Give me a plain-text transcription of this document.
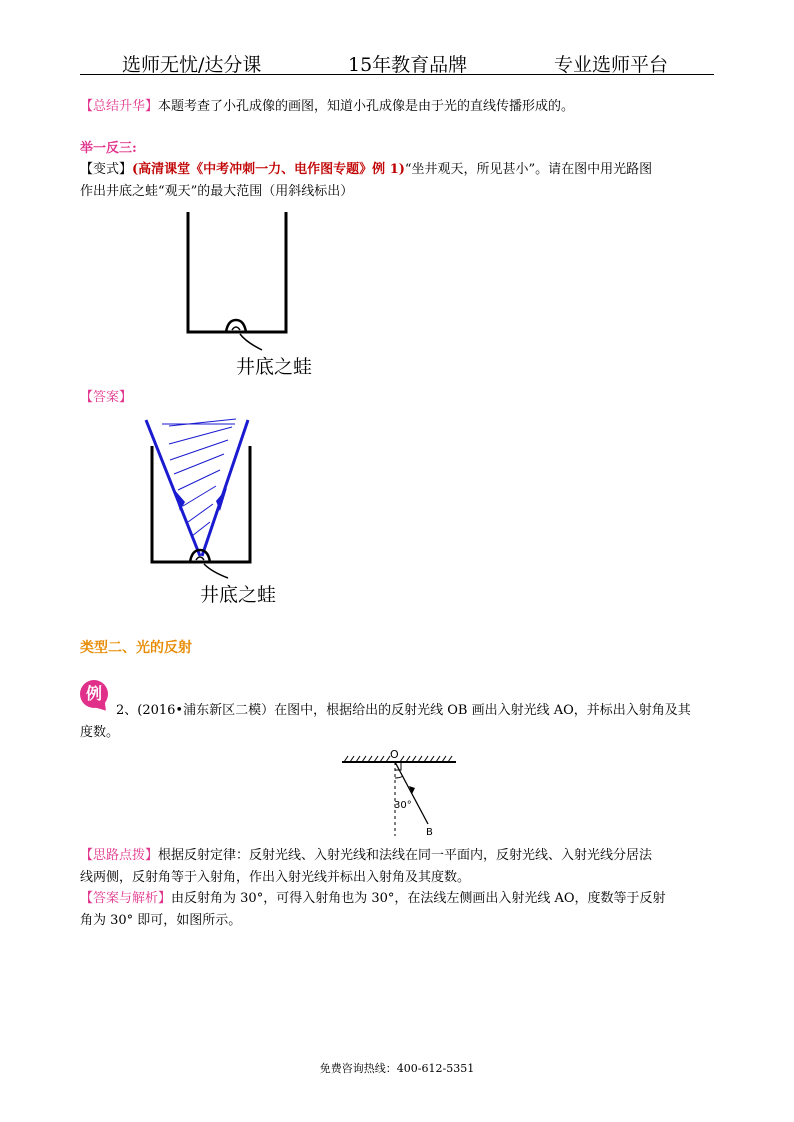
选师无忧/达分课	15年教育品牌	专业选师平台
【总结升华】本题考查了小孔成像的画图，知道小孔成像是由于光的直线传播形成的。
举一反三:
【变式】(高清课堂《中考冲刺一力、电作图专题》例 1)“坐井观天，所见甚小”。请在图中用光路图
作出井底之蛙“观天”的最大范围（用斜线标出）
井底之蛙
【答案】
井底之蛙
类型二、光的反射
例
2、(2016•浦东新区二模）在图中，根据给出的反射光线 OB 画出入射光线 AO，并标出入射角及其
度数。
O
30°
B
【思路点拨】根据反射定律：反射光线、入射光线和法线在同一平面内，反射光线、入射光线分居法
线两侧，反射角等于入射角，作出入射光线并标出入射角及其度数。
【答案与解析】由反射角为 30°，可得入射角也为 30°，在法线左侧画出入射光线 AO，度数等于反射
角为 30° 即可，如图所示。
免费咨询热线：400-612-5351
